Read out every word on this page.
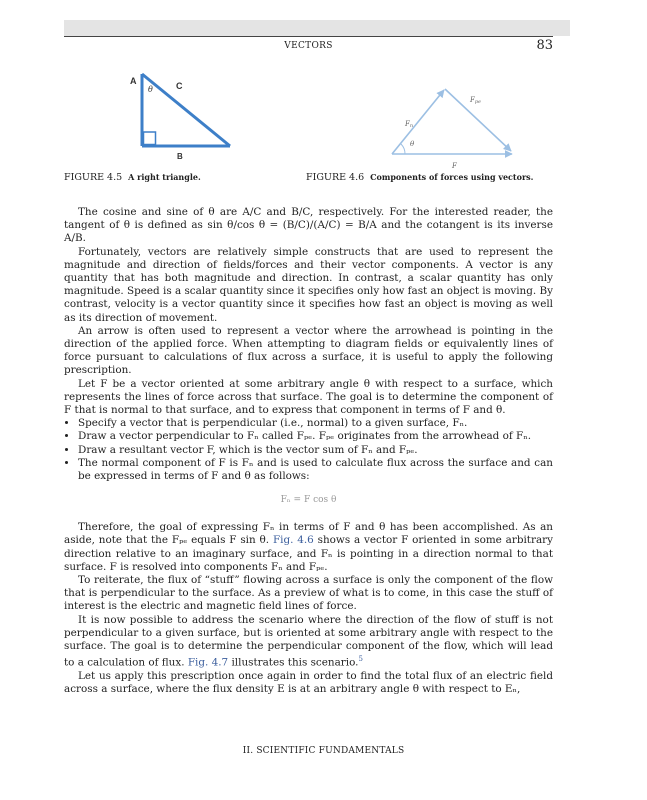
VECTORS	83
A
θ	C
B
Fpe
Fn
θ
F
FIGURE 4.5 A right triangle.	FIGURE 4.6 Components of forces using vectors.

The cosine and sine of θ are A/C and B/C, respectively. For the interested reader, the tangent of θ is defined as sin θ/cos θ = (B/C)/(A/C) = B/A and the cotangent is its inverse A/B.

Fortunately, vectors are relatively simple constructs that are used to represent the magnitude and direction of fields/forces and their vector components. A vector is any quantity that has both magnitude and direction. In contrast, a scalar quantity has only magnitude. Speed is a scalar quantity since it specifies only how fast an object is moving. By contrast, velocity is a vector quantity since it specifies how fast an object is moving as well as its direction of movement.

An arrow is often used to represent a vector where the arrowhead is pointing in the direction of the applied force. When attempting to diagram fields or equivalently lines of force pursuant to calculations of flux across a surface, it is useful to apply the following prescription.

Let F be a vector oriented at some arbitrary angle θ with respect to a surface, which represents the lines of force across that surface. The goal is to determine the component of F that is normal to that surface, and to express that component in terms of F and θ.

• Specify a vector that is perpendicular (i.e., normal) to a given surface, Fₙ.
• Draw a vector perpendicular to Fₙ called Fₚₑ. Fₚₑ originates from the arrowhead of Fₙ.
• Draw a resultant vector F, which is the vector sum of Fₙ and Fₚₑ.
• The normal component of F is Fₙ and is used to calculate flux across the surface and can be expressed in terms of F and θ as follows:
Fₙ = F cos θ

Therefore, the goal of expressing Fₙ in terms of F and θ has been accomplished. As an aside, note that the Fₚₑ equals F sin θ. Fig. 4.6 shows a vector F oriented in some arbitrary direction relative to an imaginary surface, and Fₙ is pointing in a direction normal to that surface. F is resolved into components Fₙ and Fₚₑ.

To reiterate, the flux of “stuff” flowing across a surface is only the component of the flow that is perpendicular to the surface. As a preview of what is to come, in this case the stuff of interest is the electric and magnetic field lines of force.

It is now possible to address the scenario where the direction of the flow of stuff is not perpendicular to a given surface, but is oriented at some arbitrary angle with respect to the surface. The goal is to determine the perpendicular component of the flow, which will lead to a calculation of flux. Fig. 4.7 illustrates this scenario.$^5$

Let us apply this prescription once again in order to find the total flux of an electric field across a surface, where the flux density E is at an arbitrary angle θ with respect to Eₙ,

II. SCIENTIFIC FUNDAMENTALS
